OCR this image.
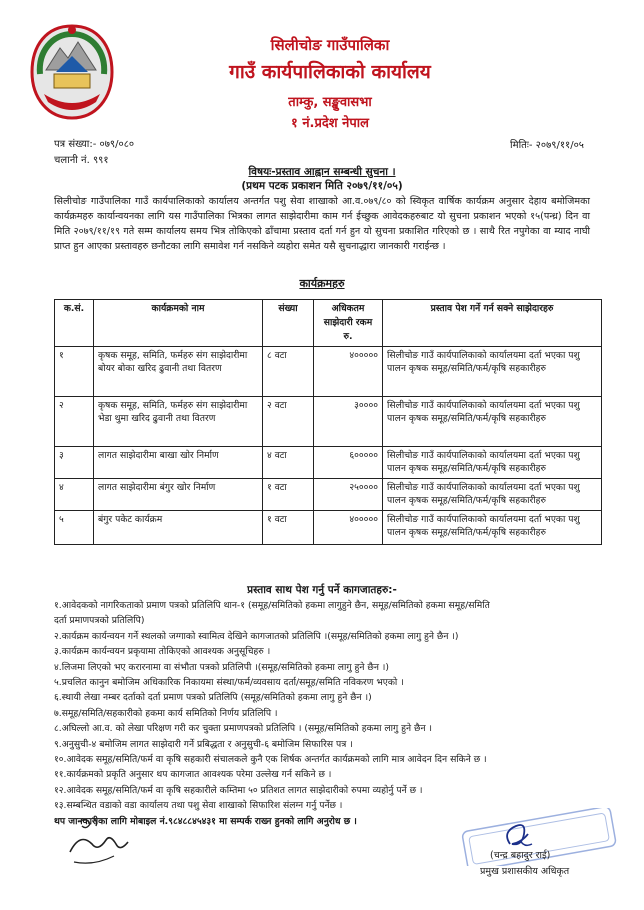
सिलीचोङ गाउँपालिका
गाउँ कार्यपालिकाको कार्यालय
ताम्कु, सङ्खुवासभा
१ नं.प्रदेश नेपाल
पत्र संख्या:- ०७९/०८०
चलानी नं. ९९१
मितिः- २०७९/११/०५
विषयः-प्रस्ताव आह्वान सम्बन्धी सुचना ।
(प्रथम पटक प्रकाशन मिति २०७९/११/०५)
सिलीचोङ गाउँपालिका गाउँ कार्यपालिकाको कार्यालय अन्तर्गत पशु सेवा शाखाको आ.व.०७९/८० को स्विकृत वार्षिक कार्यक्रम अनुसार देहाय बमोजिमका कार्यक्रमहरु कार्यान्वयनका लागि यस गाउँपालिका भित्रका लागत साझेदारीमा काम गर्न ईच्छुक आवेदकहरुबाट यो सुचना प्रकाशन भएको १५(पन्ध्र) दिन वा मिति २०७९/११/१९ गते सम्म कार्यालय समय भित्र तोकिएको ढाँचामा प्रस्ताव दर्ता गर्न हुन यो सुचना प्रकाशित गरिएको छ । साथै रित नपुगेका वा म्याद नाघी प्राप्त हुन आएका प्रस्तावहरु छनौटका लागि समावेश गर्न नसकिने व्यहोरा समेत यसै सुचनाद्धारा जानकारी गराईन्छ ।
कार्यक्रमहरु
क.सं.	कार्यक्रमको नाम	संख्या	अधिकतम साझेदारी रकम रु.	प्रस्ताव पेश गर्ने गर्न सक्ने साझेदारहरु
१	कृषक समूह, समिति, फर्महरु संग साझेदारीमा बोयर बोका खरिद ढुवानी तथा वितरण	८ वटा	४०००००	सिलीचोङ गाउँ कार्यपालिकाको कार्यालयमा दर्ता भएका पशु पालन कृषक समूह/समिति/फर्म/कृषि सहकारीहरु
२	कृषक समूह, समिति, फर्महरु संग साझेदारीमा भेडा थुमा खरिद ढुवानी तथा वितरण	२ वटा	३००००	सिलीचोङ गाउँ कार्यपालिकाको कार्यालयमा दर्ता भएका पशु पालन कृषक समूह/समिति/फर्म/कृषि सहकारीहरु
३	लागत साझेदारीमा बाखा खोर निर्माण	४ वटा	६०००००	सिलीचोङ गाउँ कार्यपालिकाको कार्यालयमा दर्ता भएका पशु पालन कृषक समूह/समिति/फर्म/कृषि सहकारीहरु
४	लागत साझेदारीमा बंगुर खोर निर्माण	१ वटा	२५००००	सिलीचोङ गाउँ कार्यपालिकाको कार्यालयमा दर्ता भएका पशु पालन कृषक समूह/समिति/फर्म/कृषि सहकारीहरु
५	बंगुर पकेट कार्यक्रम	१ वटा	४०००००	सिलीचोङ गाउँ कार्यपालिकाको कार्यालयमा दर्ता भएका पशु पालन कृषक समूह/समिति/फर्म/कृषि सहकारीहरु
प्रस्ताव साथ पेश गर्नु पर्ने कागजातहरु:-
१.आवेदकको नागरिकताको प्रमाण पत्रको प्रतिलिपि थान-१ (समूह/समितिको हकमा लागुहुने छैन, समूह/समितिको हकमा समूह/समिति
दर्ता प्रमाणपत्रको प्रतिलिपि)
२.कार्यक्रम कार्यन्वयन गर्ने स्थलको जग्गाको स्वामित्व देखिने कागजातको प्रतिलिपि ।(समूह/समितिको हकमा लागु हुने छैन ।)
३.कार्यक्रम कार्यन्वयन प्रकृयामा तोकिएको आवश्यक अनुसूचिहरु ।
४.लिजमा लिएको भए करारनामा वा संभौता पत्रको प्रतिलिपी ।(समूह/समितिको हकमा लागु हुने छैन ।)
५.प्रचलित कानुन बमोजिम अधिकारिक निकायमा संस्था/फर्म/व्यवसाय दर्ता/समूह/समिति नविकरण भएको ।
६.स्थायी लेखा नम्बर दर्ताको दर्ता प्रमाण पत्रको प्रतिलिपि (समूह/समितिको हकमा लागु हुने छैन ।)
७.समूह/समिति/सहकारीको हकमा कार्य समितिको निर्णय प्रतिलिपि ।
८.अघिल्लो आ.व. को लेखा परिक्षण गरी कर चुक्ता प्रमाणपत्रको प्रतिलिपि । (समूह/समितिको हकमा लागु हुने छैन ।
९.अनुसुची-४ बमोजिम लागत साझेदारी गर्ने प्रबिद्धता र अनुसुची-६ बमोजिम सिफारिस पत्र ।
१०.आवेदक समूह/समिति/फर्म वा कृषि सहकारी संचालकले कुनै एक शिर्षक अन्तर्गत कार्यक्रमको लागि मात्र आवेदन दिन सकिने छ ।
११.कार्यक्रमको प्रकृति अनुसार थप कागजात आवश्यक परेमा उल्लेख गर्न सकिने छ ।
१२.आवेदक समूह/समिति/फर्म वा कृषि सहकारीले कम्तिमा ५० प्रतिशत लागत साझेदारीको रुपमा व्यहोर्नु पर्ने छ ।
१३.सम्बन्धित वडाको वडा कार्यालय तथा पशु सेवा शाखाको सिफारिश संलग्न गर्नु पर्नेछ ।
थप जानकारीका लागि मोबाइल नं.९८४८८४५४३१ मा सम्पर्क राख्न हुनको लागि अनुरोध छ ।
(चन्द्र बहादुर राई)
प्रमुख प्रशासकीय अधिकृत
